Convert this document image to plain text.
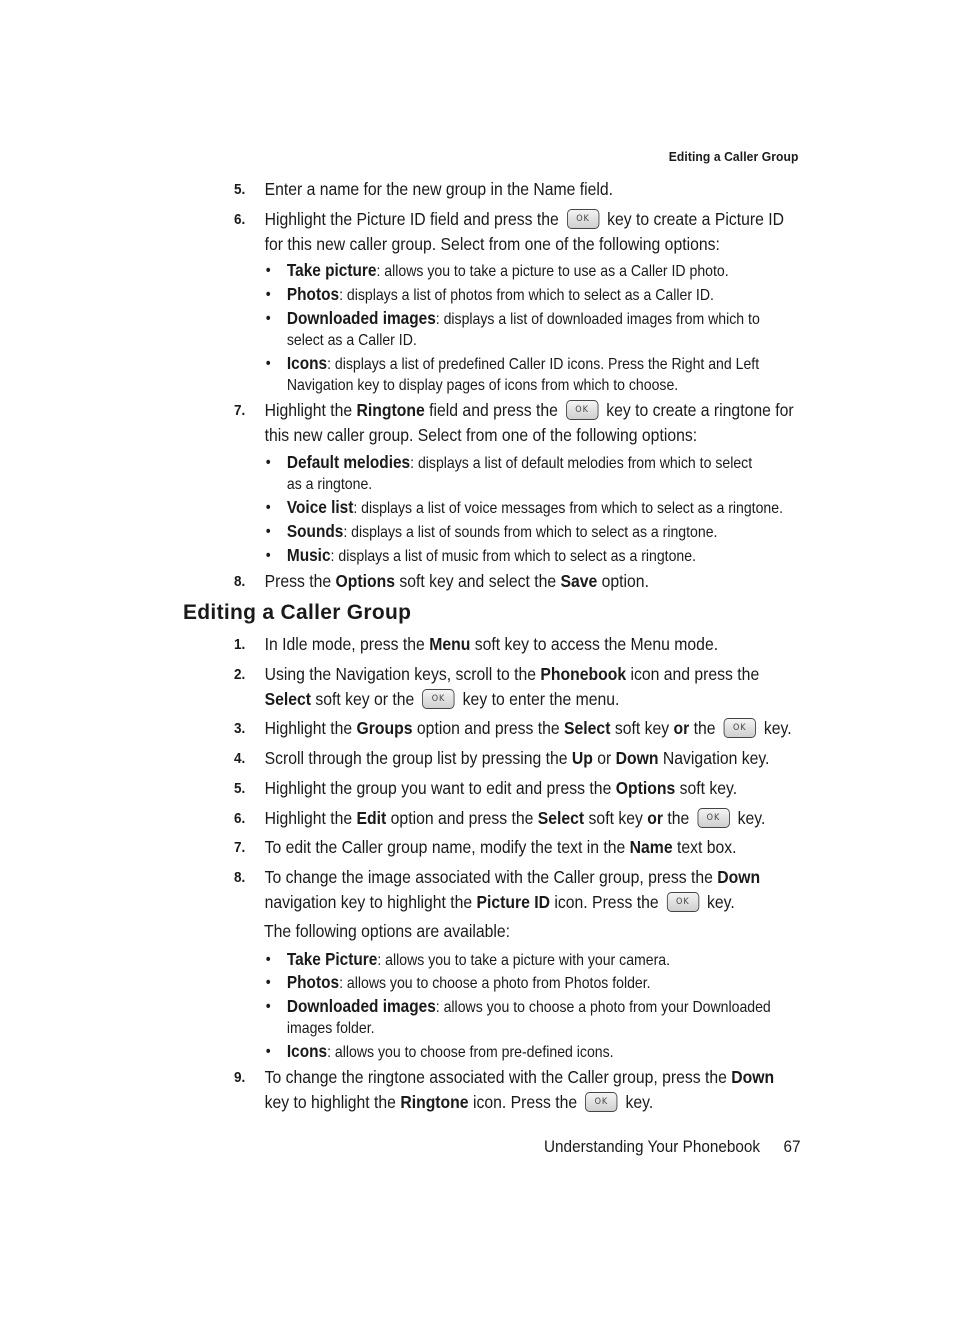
Editing a Caller Group
5. Enter a name for the new group in the Name field.
6. Highlight the Picture ID field and press the OK key to create a Picture ID for this new caller group. Select from one of the following options:
• Take picture: allows you to take a picture to use as a Caller ID photo.
• Photos: displays a list of photos from which to select as a Caller ID.
• Downloaded images: displays a list of downloaded images from which to select as a Caller ID.
• Icons: displays a list of predefined Caller ID icons. Press the Right and Left Navigation key to display pages of icons from which to choose.
7. Highlight the Ringtone field and press the OK key to create a ringtone for this new caller group. Select from one of the following options:
• Default melodies: displays a list of default melodies from which to select as a ringtone.
• Voice list: displays a list of voice messages from which to select as a ringtone.
• Sounds: displays a list of sounds from which to select as a ringtone.
• Music: displays a list of music from which to select as a ringtone.
8. Press the Options soft key and select the Save option.
Editing a Caller Group
1. In Idle mode, press the Menu soft key to access the Menu mode.
2. Using the Navigation keys, scroll to the Phonebook icon and press the Select soft key or the OK key to enter the menu.
3. Highlight the Groups option and press the Select soft key or the OK key.
4. Scroll through the group list by pressing the Up or Down Navigation key.
5. Highlight the group you want to edit and press the Options soft key.
6. Highlight the Edit option and press the Select soft key or the OK key.
7. To edit the Caller group name, modify the text in the Name text box.
8. To change the image associated with the Caller group, press the Down navigation key to highlight the Picture ID icon. Press the OK key.
The following options are available:
• Take Picture: allows you to take a picture with your camera.
• Photos: allows you to choose a photo from Photos folder.
• Downloaded images: allows you to choose a photo from your Downloaded images folder.
• Icons: allows you to choose from pre-defined icons.
9. To change the ringtone associated with the Caller group, press the Down key to highlight the Ringtone icon. Press the OK key.
Understanding Your Phonebook 67
